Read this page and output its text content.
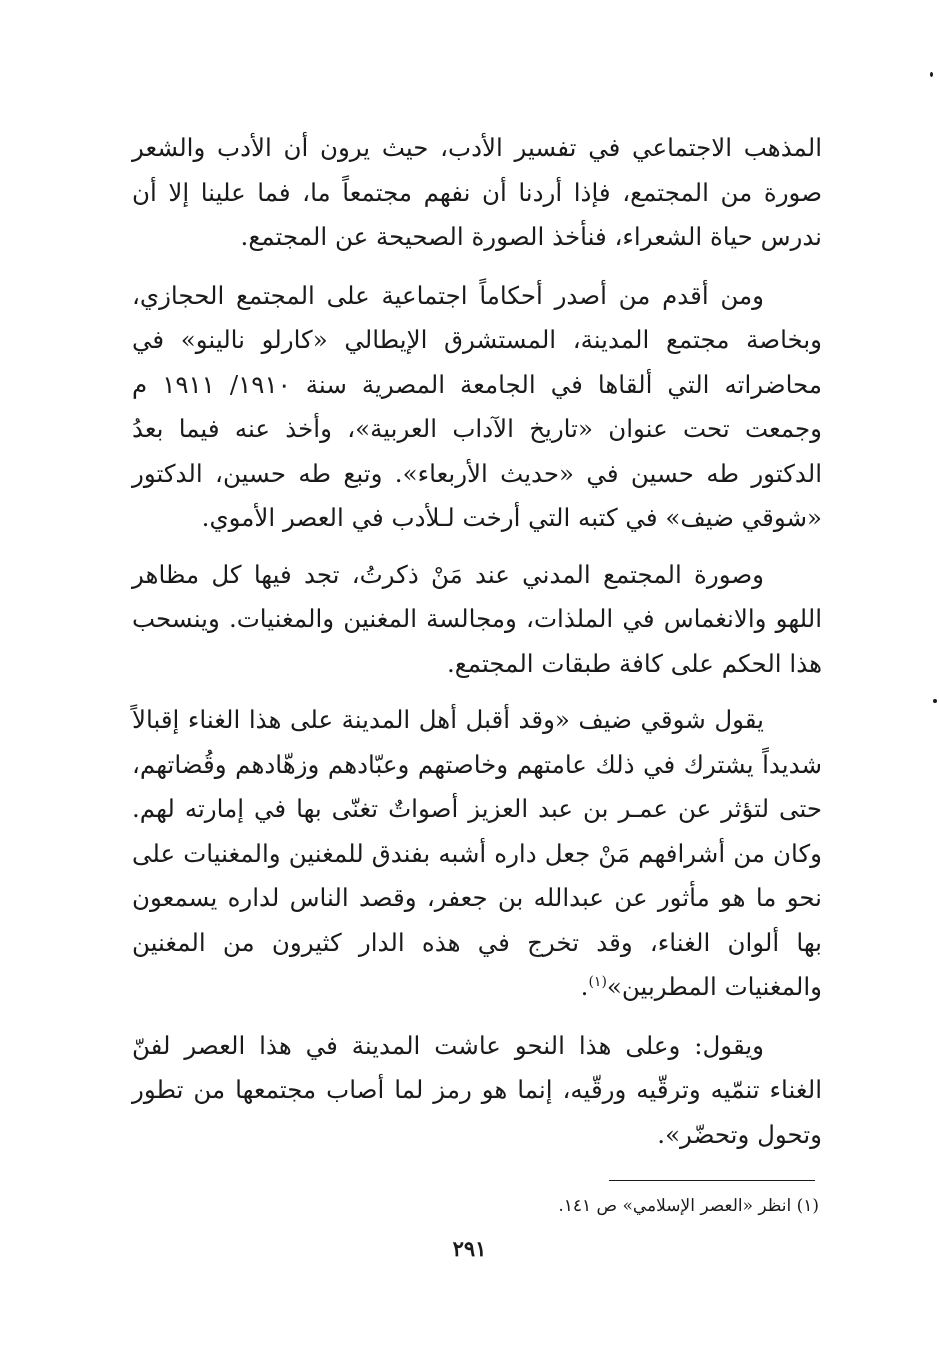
المذهب الاجتماعي في تفسير الأدب، حيث يرون أن الأدب والشعر صورة من المجتمع، فإذا أردنا أن نفهم مجتمعاً ما، فما علينا إلا أن ندرس حياة الشعراء، فنأخذ الصورة الصحيحة عن المجتمع.

ومن أقدم من أصدر أحكاماً اجتماعية على المجتمع الحجازي، وبخاصة مجتمع المدينة، المستشرق الإيطالي «كارلو نالينو» في محاضراته التي ألقاها في الجامعة المصرية سنة ١٩١٠/ ١٩١١ م وجمعت تحت عنوان «تاريخ الآداب العربية»، وأخذ عنه فيما بعدُ الدكتور طه حسين في «حديث الأربعاء». وتبع طه حسين، الدكتور «شوقي ضيف» في كتبه التي أرخت لـلأدب في العصر الأموي.

وصورة المجتمع المدني عند مَنْ ذكرتُ، تجد فيها كل مظاهر اللهو والانغماس في الملذات، ومجالسة المغنين والمغنيات. وينسحب هذا الحكم على كافة طبقات المجتمع.

يقول شوقي ضيف «وقد أقبل أهل المدينة على هذا الغناء إقبالاً شديداً يشترك في ذلك عامتهم وخاصتهم وعبّادهم وزهّادهم وقُضاتهم، حتى لتؤثر عن عمـر بن عبد العزيز أصواتٌ تغنّى بها في إمارته لهم. وكان من أشرافهم مَنْ جعل داره أشبه بفندق للمغنين والمغنيات على نحو ما هو مأثور عن عبدالله بن جعفر، وقصد الناس لداره يسمعون بها ألوان الغناء، وقد تخرج في هذه الدار كثيرون من المغنين والمغنيات المطربين»$^{(١)}$.

ويقول: وعلى هذا النحو عاشت المدينة في هذا العصر لفنّ الغناء تنمّيه وترقّيه ورقّيه، إنما هو رمز لما أصاب مجتمعها من تطور وتحول وتحضّر».

(١) انظر «العصر الإسلامي» ص ١٤١.

٢٩١
